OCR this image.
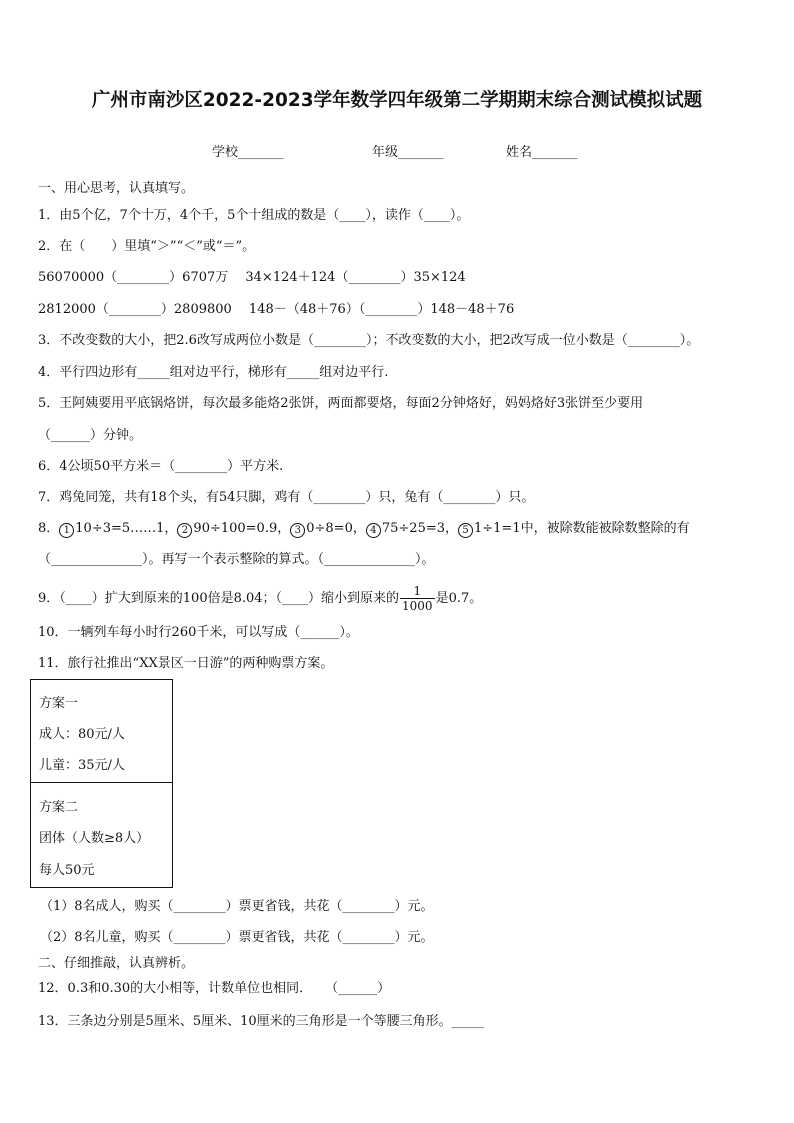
广州市南沙区2022-2023学年数学四年级第二学期期末综合测试模拟试题
学校_______	年级_______	姓名_______
一、用心思考，认真填写。
1．由5个亿，7个十万，4个千，5个十组成的数是（____），读作（____）。
2．在（　　）里填“＞”“＜”或“＝”。
56070000（________）6707万　 34×124＋124（________）35×124
2812000（________）2809800　 148－（48＋76）（________）148－48＋76
3．不改变数的大小，把2.6改写成两位小数是（________）；不改变数的大小，把2改写成一位小数是（________）。
4．平行四边形有_____组对边平行，梯形有_____组对边平行.
5．王阿姨要用平底锅烙饼，每次最多能烙2张饼，两面都要烙，每面2分钟烙好，妈妈烙好3张饼至少要用
（______）分钟。
6．4公顷50平方米＝（________）平方米.
7．鸡兔同笼，共有18个头，有54只脚，鸡有（________）只，兔有（________）只。
8． 1 10÷3=5……1， 2 90÷100=0.9， 3 0÷8=0， 4 75÷25=3， 5 1÷1=1中，被除数能被除数整除的有
（______________）。再写一个表示整除的算式。（______________）。
9．（____）扩大到原来的100倍是8.04；（____）缩小到原来的 $\frac{1}{1000}$ 是0.7。
10．一辆列车每小时行260千米，可以写成（______）。
11．旅行社推出“XX景区一日游”的两种购票方案。
方案一
成人：80元/人
儿童：35元/人
方案二
团体（人数≥8人）
每人50元
（1）8名成人，购买（________）票更省钱，共花（________）元。
（2）8名儿童，购买（________）票更省钱，共花（________）元。
二、仔细推敲，认真辨析。
12．0.3和0.30的大小相等，计数单位也相同．　　（______）
13．三条边分别是5厘米、5厘米、10厘米的三角形是一个等腰三角形。_____
